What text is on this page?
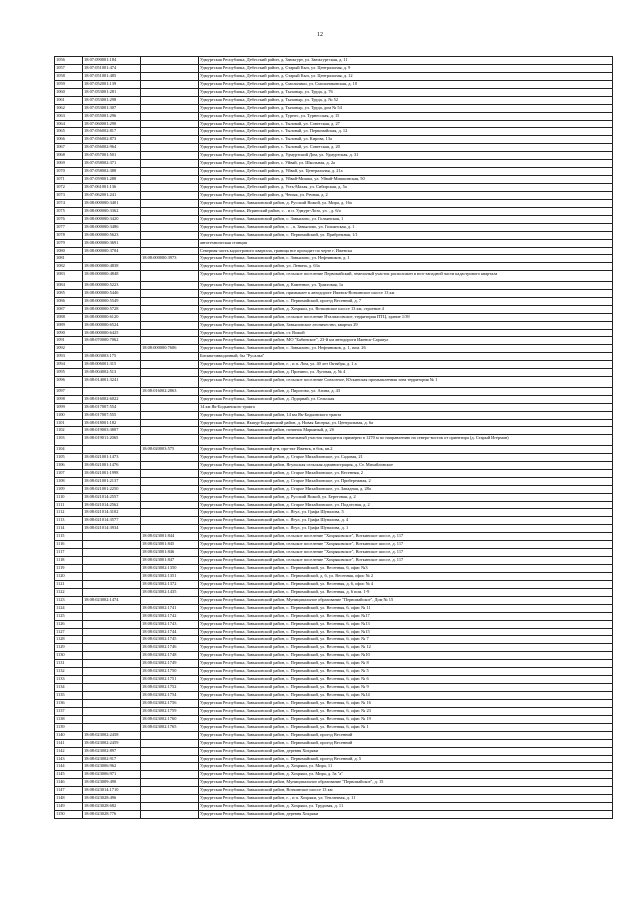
12
1056	18:07:090001:184		Удмуртская Республика, Дебесский район, д. Заюкгурт, ул. Заюкгуртская, д. 11
1057	18:07:051001:474		Удмуртская Республика, Дебесский район, д. Старый Кыч, ул. Центральная, д. 9
1058	18:07:051001:485		Удмуртская Республика, Дебесский район, д. Старый Кыч, ул. Центральная, д. 12
1059	18:07:052001:139		Удмуртская Республика, Дебесский район, д. Смольники, ул. Смольниковская, д. 10
1060	18:07:053001:281		Удмуртская Республика, Дебесский район, д. Тыловыр, ул. Труда, д. 76
1061	18:07:053001:298		Удмуртская Республика, Дебесский район, д. Тыловыр, ул. Труда, д. № 52
1062	18:07:053001:307		Удмуртская Республика, Дебесский район, д. Тыловыр, ул. Труда, дом № 54
1063	18:07:055001:296		Удмуртская Республика, Дебесский район, д. Турнес, ул. Турнесская, д. 15
1064	18:07:060001:290		Удмуртская Республика, Дебесский район, с. Тыловай, ул. Советская, д. 27
1065	18:07:056002:817		Удмуртская Республика, Дебесский район, с. Тыловай, ул. Первомайская, д. 12
1066	18:07:056002:873		Удмуртская Республика, Дебесский район, с. Тыловай, ул. Кирова, 13а
1067	18:07:056002:964		Удмуртская Республика, Дебесский район, с. Тыловай, ул. Советская, д. 20
1068	18:07:057001:501		Удмуртская Республика, Дебесский район, д. Удмуртский Дом, ул. Удмуртская, д. 31
1069	18:07:058002:371		Удмуртская Республика, Дебесский район, с. Уйвай, ул. Школьная, д. 2а
1070	18:07:058002:388		Удмуртская Республика, Дебесский район, д. Уйвай, ул. Центральная, д. 21а
1071	18:07:059001:288		Удмуртская Республика, Дебесский район, д. Уйвай-Мишка, ул. Уйвай-Мишкинская, 50
1072	18:07:061001:136		Удмуртская Республика, Дебесский район, д. Усть-Малая, ул. Сибирская, д. 5а
1073	18:07:062001:241		Удмуртская Республика, Дебесский район, д. Чепык, ул. Речная, д. 2
1074	18:08:000000:3401		Удмуртская Республика, Завьяловский район, д. Русский Вожой, ул. Мира, д. 16а
1075	18:08:000000:3362		Удмуртская Республика, Игринский район, с. . и п. Удмурт-Лозо, ул. , д. 6/а
1076	18:08:000000:3420		Удмуртская Республика, Завьяловский район, с. Завьялово, ул. Гольянская, 1
1077	18:08:000000:3486		Удмуртская Республика, Завьяловский район, с. , п. Завьялово, ул. Гольянская, д. 1
1078	18:08:000000:5623		Удмуртская Республика, Завьяловский район, с. Первомайский, ул. Прибрежная, 1/1
1079	18:08:000000:3691		автотехническая станция
1080	18:08:000000:3704		Северная часть кадастрового квартала, граница все проходит по черте г. Ижевска
1081		18:08:000000:3973	Удмуртская Республика, Завьяловский район, с. Завьялово, ул. Нефтяников, д. 1
1082	18:08:000000:4838		Удмуртская Республика, Завьяловский район, ул. Ленина, д. 63а
1083	18:08:000000:4848		Удмуртская Республика, Завьяловский район, сельское поселение Первомайский, земельный участок расположен в юго-западной части кадастрового квартала
1084	18:08:000000:5223		Удмуртская Республика, Завьяловский район, д. Каменное, ул. Трактовая, 1а
1085	18:08:000000:5446		Удмуртская Республика, Завьяловский район, примыкает к автодороге Ижевск-Воткинское шоссе 13 км
1086	18:08:000000:5549		Удмуртская Республика, Завьяловский район, с. Первомайский, проезд Весенний, д. 7
1087	18:08:000000:5728		Удмуртская Республика, Завьяловский район, д. Хохряки, ул. Воткинское шоссе 13 км, строение 4
1088	18:08:000000:6120		Удмуртская Республика, Завьяловский район, сельское поселение Италмасовское, территория ПТЦ, здание 1/39
1089	18:08:000000:6524		Удмуртская Республика, Завьяловский район, Завьяловское лесничество, квартал 29
1090	18:08:000000:6425		Удмуртская Республика, Завьяловский район, ст. Вожой
1091	18:08:070000:7062		Удмуртская Республика, Завьяловский район, МО "Бабинское", 23-й км автодороги Ижевск-Сарапул
1092		18:08:000000:7606	Удмуртская Республика, Завьяловский район, с. Завьялово, ул. Нефтяников, д. 1, пом. 26
1093	18:08:003003:175		Бисква-ивмодачный, бы "Русалка"
1094	18:08:006001:315		Удмуртская Республика, Завьяловский район, г. , и п. Лом, ул. 40 лет Октября, д. 1 а
1095	18:08:004002:513		Удмуртская Республика, Завьяловский район, д. Пронино, ул. Луговая, д. № 4
1096	18:08:014001:3241		Удмуртская Республика, Завьяловский район, сельское поселение Совхозное, Юскинская промышленная зона территория № 1
1097		18:08:016002:2863	Удмуртская Республика, Завьяловский район, д. Пирогово, ул. Азина, д. 43
1098	18:08:016002:6022		Удмуртская Республика, Завьяловский район, д. Лудорвай, ул. Сельская
1099	18:08:017007:554		14 км Як-Бодьинского тракта
1100	18:08:017007:555		Удмуртская Республика, Завьяловский район, 14 км Як-Бодьинского тракта
1101	18:08:018001:182		Удмуртская Республика, Якшур-Бодьинский район, д. Новая Бисерка, ул. Центральная, д. 6а
1102	18:08:019003:3807		Удмуртская Республика, Завьяловский район, починок Марьяный, д. 2б
1103	18:08:019011:2065		Удмуртская Республика, Завьяловский район, земельный участок находится примерно в 1270 м по направлению на северо-восток от ориентира (д. Старый Игерман)
1104		18:08:020003:575	Удмуртская Республика, Завьяловский р-н, про-ект Ижевск, в бок, кв.2
1105	18:08:021001:1473		Удмуртская Республика, Завьяловский район, д. Старое Михайловское, ул. Садовая, 21
1106	18:08:021001:1476		Удмуртская Республика, Завьяловский район, Ягульская сельская администрация, д. Ст. Михайловское
1107	18:08:021001:1998		Удмуртская Республика, Завьяловский район, д. Старое Михайловское, ул. Весенняя, 2
1108	18:08:021001:2137		Удмуртская Республика, Завьяловский район, д. Старое Михайловское, ул. Прибережная, 2
1109	18:08:021001:2250		Удмуртская Республика, Завьяловский район, д. Старое Михайловское, ул. Западная, д. 28а
1110	18:08:021014:2557		Удмуртская Республика, Завьяловский район, д. Русский Вожой, ул. Береговая, д. 2
1111	18:08:021014:2562		Удмуртская Республика, Завьяловский район, д. Старое Михайловское, ул. Подлесная, д. 2
1112	18:08:021014:3102		Удмуртская Республика, Завьяловский район, с. Ягул, ул. Графа Шувалова, 5
1113	18:08:021014:3577		Удмуртская Республика, Завьяловский район, с. Ягул, ул. Графа Шувалова, д. 4
1114	18:08:021014:3934		Удмуртская Республика, Завьяловский район, с. Ягул, ул. Графа Шувалова, д. 1
1115		18:08:023001:844	Удмуртская Республика, Завьяловский район, сельское поселение "Хохряковское", Воткинское шоссе, д. 117
1116		18:08:023001:845	Удмуртская Республика, Завьяловский район, сельское поселение "Хохряковское", Воткинское шоссе, д. 117
1117		18:08:023001:846	Удмуртская Республика, Завьяловский район, сельское поселение "Хохряковское", Воткинское шоссе, д. 117
1118		18:08:023001:847	Удмуртская Республика, Завьяловский район, сельское поселение "Хохряковское", Воткинское шоссе, д. 117
1119		18:08:023002:1350	Удмуртская Республика, Завьяловский район, с. Первомайский, ул. Весенняя, 6, офис №3
1120		18:08:023002:1351	Удмуртская Республика, Завьяловский район, с. Первомайский, д. 6, ул. Весенняя, офис № 2
1121		18:08:023002:1372	Удмуртская Республика, Завьяловский район, с. Первомайский, ул. Весенняя, д. 6, офис № 4
1122		18:08:023002:1435	Удмуртская Республика, Завьяловский район, с. Первомайский, ул. Весенняя, д. 6 пом. 1-9
1123	18:08:023002:1474		Удмуртская Республика, Завьяловский район, Муниципальное образование "Первомайское", Дом № 15
1124		18:08:023002:1741	Удмуртская Республика, Завьяловский район, с. Первомайский, ул. Весенняя, 6, офис № 11
1125		18:08:023002:1742	Удмуртская Республика, Завьяловский район, с. Первомайский, ул. Весенняя, 6, офис №17
1126		18:08:023002:1743	Удмуртская Республика, Завьяловский район, с. Первомайский, ул. Весенняя, 6, офис №13
1127		18:08:023002:1744	Удмуртская Республика, Завьяловский район, с. Первомайский, ул. Весенняя, 6, офис №15
1128		18:08:023002:1745	Удмуртская Республика, Завьяловский район, с. Первомайский, ул. Весенняя, 6, офис № 7
1129		18:08:023002:1746	Удмуртская Республика, Завьяловский район, с. Первомайский, ул. Весенняя, 6, офис № 12
1130		18:08:023002:1748	Удмуртская Республика, Завьяловский район, с. Первомайский, ул. Весенняя, 6, офис №10
1131		18:08:023002:1749	Удмуртская Республика, Завьяловский район, с. Первомайский, ул. Весенняя, 6, офис № 8
1132		18:08:023002:1750	Удмуртская Республика, Завьяловский район, с. Первомайский, ул. Весенняя, 6, офис № 5
1133		18:08:023002:1751	Удмуртская Республика, Завьяловский район, с. Первомайский, ул. Весенняя, 6, офис № 6
1134		18:08:023002:1752	Удмуртская Республика, Завьяловский район, с. Первомайский, ул. Весенняя, 6, офис № 9
1135		18:08:023002:1754	Удмуртская Республика, Завьяловский район, с. Первомайский, ул. Весенняя, 6, офис №14
1136		18:08:023002:1756	Удмуртская Республика, Завьяловский район, с. Первомайский, ул. Весенняя, 6, офис № 16
1137		18:08:023002:1759	Удмуртская Республика, Завьяловский район, с. Первомайский, ул. Весенняя, 6, офис № 23
1138		18:08:023002:1760	Удмуртская Республика, Завьяловский район, с. Первомайский, ул. Весенняя, 6, офис № 19
1139		18:08:023002:1765	Удмуртская Республика, Завьяловский район, с. Первомайский, ул. Весенняя, 6, офис № 1
1140	18:08:023002:2458		Удмуртская Республика, Завьяловский район, с. Первомайский, проезд Весенний
1141	18:08:023002:2459		Удмуртская Республика, Завьяловский район, с. Первомайский, проезд Весенний
1142	18:08:023002:897		Удмуртская Республика, Завьяловский район, деревня Хохряки
1143	18:08:023002:917		Удмуртская Республика, Завьяловский район, с. Первомайский, проезд Весенний, д. 5
1144	18:08:023006:962		Удмуртская Республика, Завьяловский район, д. Хохряки, ул. Мира, 11
1145	18:08:023006:971		Удмуртская Республика, Завьяловский район, д. Хохряки, ул. Мира, д. 5а "а"
1146	18:08:023009:490		Удмуртская Республика, Завьяловский район, Муниципальное образование "Первомайское", д. 15
1147	18:08:023014:1710		Удмуртская Республика, Завьяловский район, Воткинское шоссе 13 км
1148	18:08:023028:496		Удмуртская Республика, Завьяловский район, г. , и п. Хохряки, ул. Тепличная, д. 11
1149	18:08:023028:682		Удмуртская Республика, Завьяловский район, д. Хохряки, ул. Трудовая, д. 11
1150	18:08:023028:776		Удмуртская Республика, Завьяловский район, деревня Хохряки
